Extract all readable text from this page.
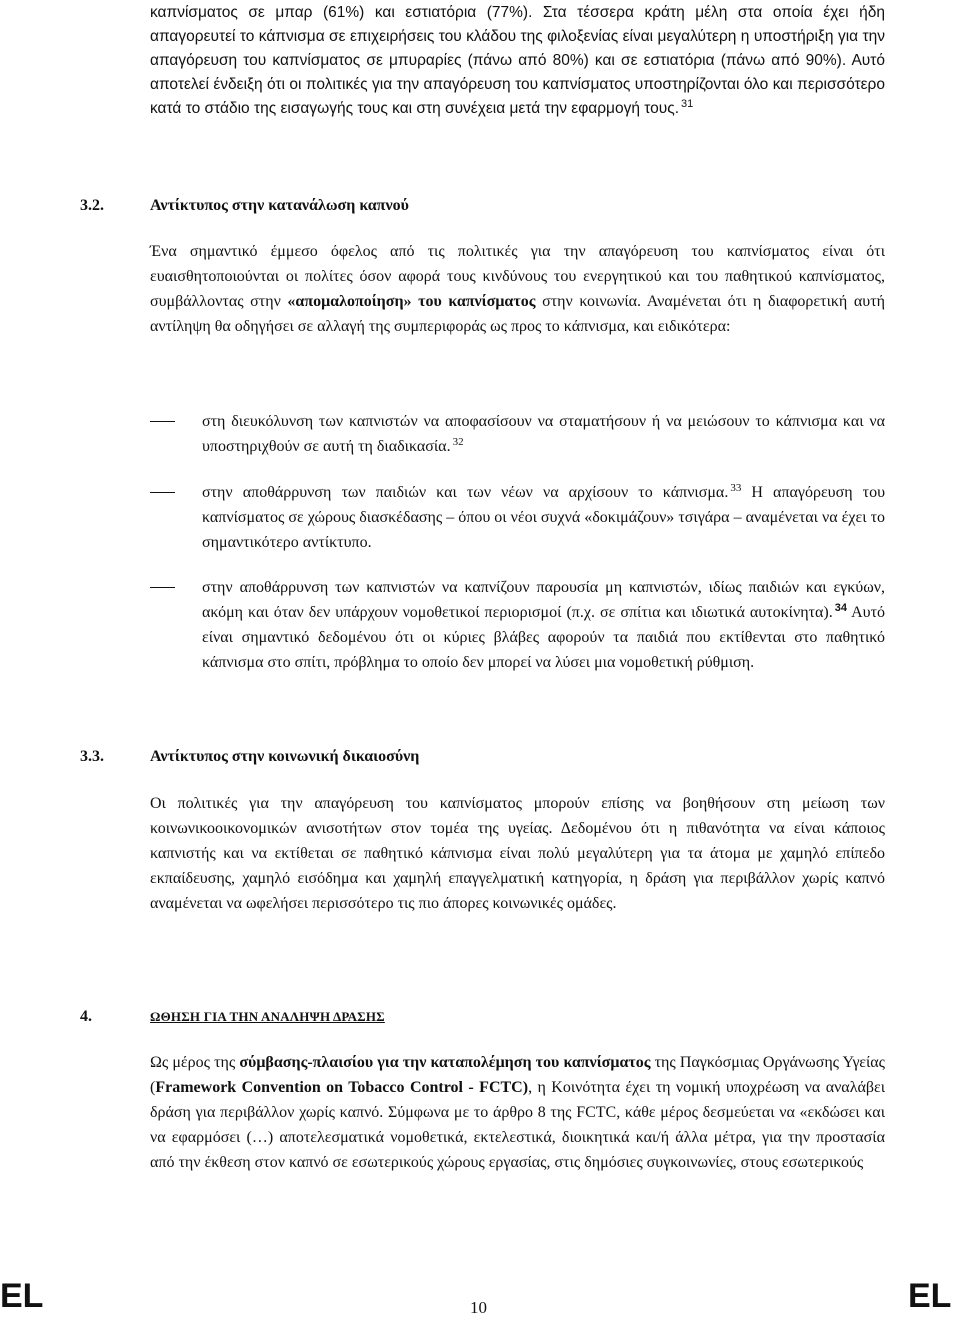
καπνίσματος σε μπαρ (61%) και εστιατόρια (77%). Στα τέσσερα κράτη μέλη στα οποία έχει ήδη απαγορευτεί το κάπνισμα σε επιχειρήσεις του κλάδου της φιλοξενίας είναι μεγαλύτερη η υποστήριξη για την απαγόρευση του καπνίσματος σε μπυραρίες (πάνω από 80%) και σε εστιατόρια (πάνω από 90%). Αυτό αποτελεί ένδειξη ότι οι πολιτικές για την απαγόρευση του καπνίσματος υποστηρίζονται όλο και περισσότερο κατά το στάδιο της εισαγωγής τους και στη συνέχεια μετά την εφαρμογή τους. $^{31}$

3.2.	Αντίκτυπος στην κατανάλωση καπνού

Ένα σημαντικό έμμεσο όφελος από τις πολιτικές για την απαγόρευση του καπνίσματος είναι ότι ευαισθητοποιούνται οι πολίτες όσον αφορά τους κινδύνους του ενεργητικού και του παθητικού καπνίσματος, συμβάλλοντας στην «απομαλοποίηση» του καπνίσματος στην κοινωνία. Αναμένεται ότι η διαφορετική αυτή αντίληψη θα οδηγήσει σε αλλαγή της συμπεριφοράς ως προς το κάπνισμα, και ειδικότερα:

στη διευκόλυνση των καπνιστών να αποφασίσουν να σταματήσουν ή να μειώσουν το κάπνισμα και να υποστηριχθούν σε αυτή τη διαδικασία. $^{32}$

στην αποθάρρυνση των παιδιών και των νέων να αρχίσουν το κάπνισμα. $^{33}$ Η απαγόρευση του καπνίσματος σε χώρους διασκέδασης – όπου οι νέοι συχνά «δοκιμάζουν» τσιγάρα – αναμένεται να έχει το σημαντικότερο αντίκτυπο.

στην αποθάρρυνση των καπνιστών να καπνίζουν παρουσία μη καπνιστών, ιδίως παιδιών και εγκύων, ακόμη και όταν δεν υπάρχουν νομοθετικοί περιορισμοί (π.χ. σε σπίτια και ιδιωτικά αυτοκίνητα). $^{34}$ Αυτό είναι σημαντικό δεδομένου ότι οι κύριες βλάβες αφορούν τα παιδιά που εκτίθενται στο παθητικό κάπνισμα στο σπίτι, πρόβλημα το οποίο δεν μπορεί να λύσει μια νομοθετική ρύθμιση.

3.3.	Αντίκτυπος στην κοινωνική δικαιοσύνη

Οι πολιτικές για την απαγόρευση του καπνίσματος μπορούν επίσης να βοηθήσουν στη μείωση των κοινωνικοοικονομικών ανισοτήτων στον τομέα της υγείας. Δεδομένου ότι η πιθανότητα να είναι κάποιος καπνιστής και να εκτίθεται σε παθητικό κάπνισμα είναι πολύ μεγαλύτερη για τα άτομα με χαμηλό επίπεδο εκπαίδευσης, χαμηλό εισόδημα και χαμηλή επαγγελματική κατηγορία, η δράση για περιβάλλον χωρίς καπνό αναμένεται να ωφελήσει περισσότερο τις πιο άπορες κοινωνικές ομάδες.

4.	ΩΘΗΣΗ ΓΙΑ ΤΗΝ ΑΝΑΛΗΨΗ ΔΡΑΣΗΣ

Ως μέρος της σύμβασης-πλαισίου για την καταπολέμηση του καπνίσματος της Παγκόσμιας Οργάνωσης Υγείας (Framework Convention on Tobacco Control - FCTC), η Κοινότητα έχει τη νομική υποχρέωση να αναλάβει δράση για περιβάλλον χωρίς καπνό. Σύμφωνα με το άρθρο 8 της FCTC, κάθε μέρος δεσμεύεται να «εκδώσει και να εφαρμόσει (…) αποτελεσματικά νομοθετικά, εκτελεστικά, διοικητικά και/ή άλλα μέτρα, για την προστασία από την έκθεση στον καπνό σε εσωτερικούς χώρους εργασίας, στις δημόσιες συγκοινωνίες, στους εσωτερικούς

EL	10	EL
